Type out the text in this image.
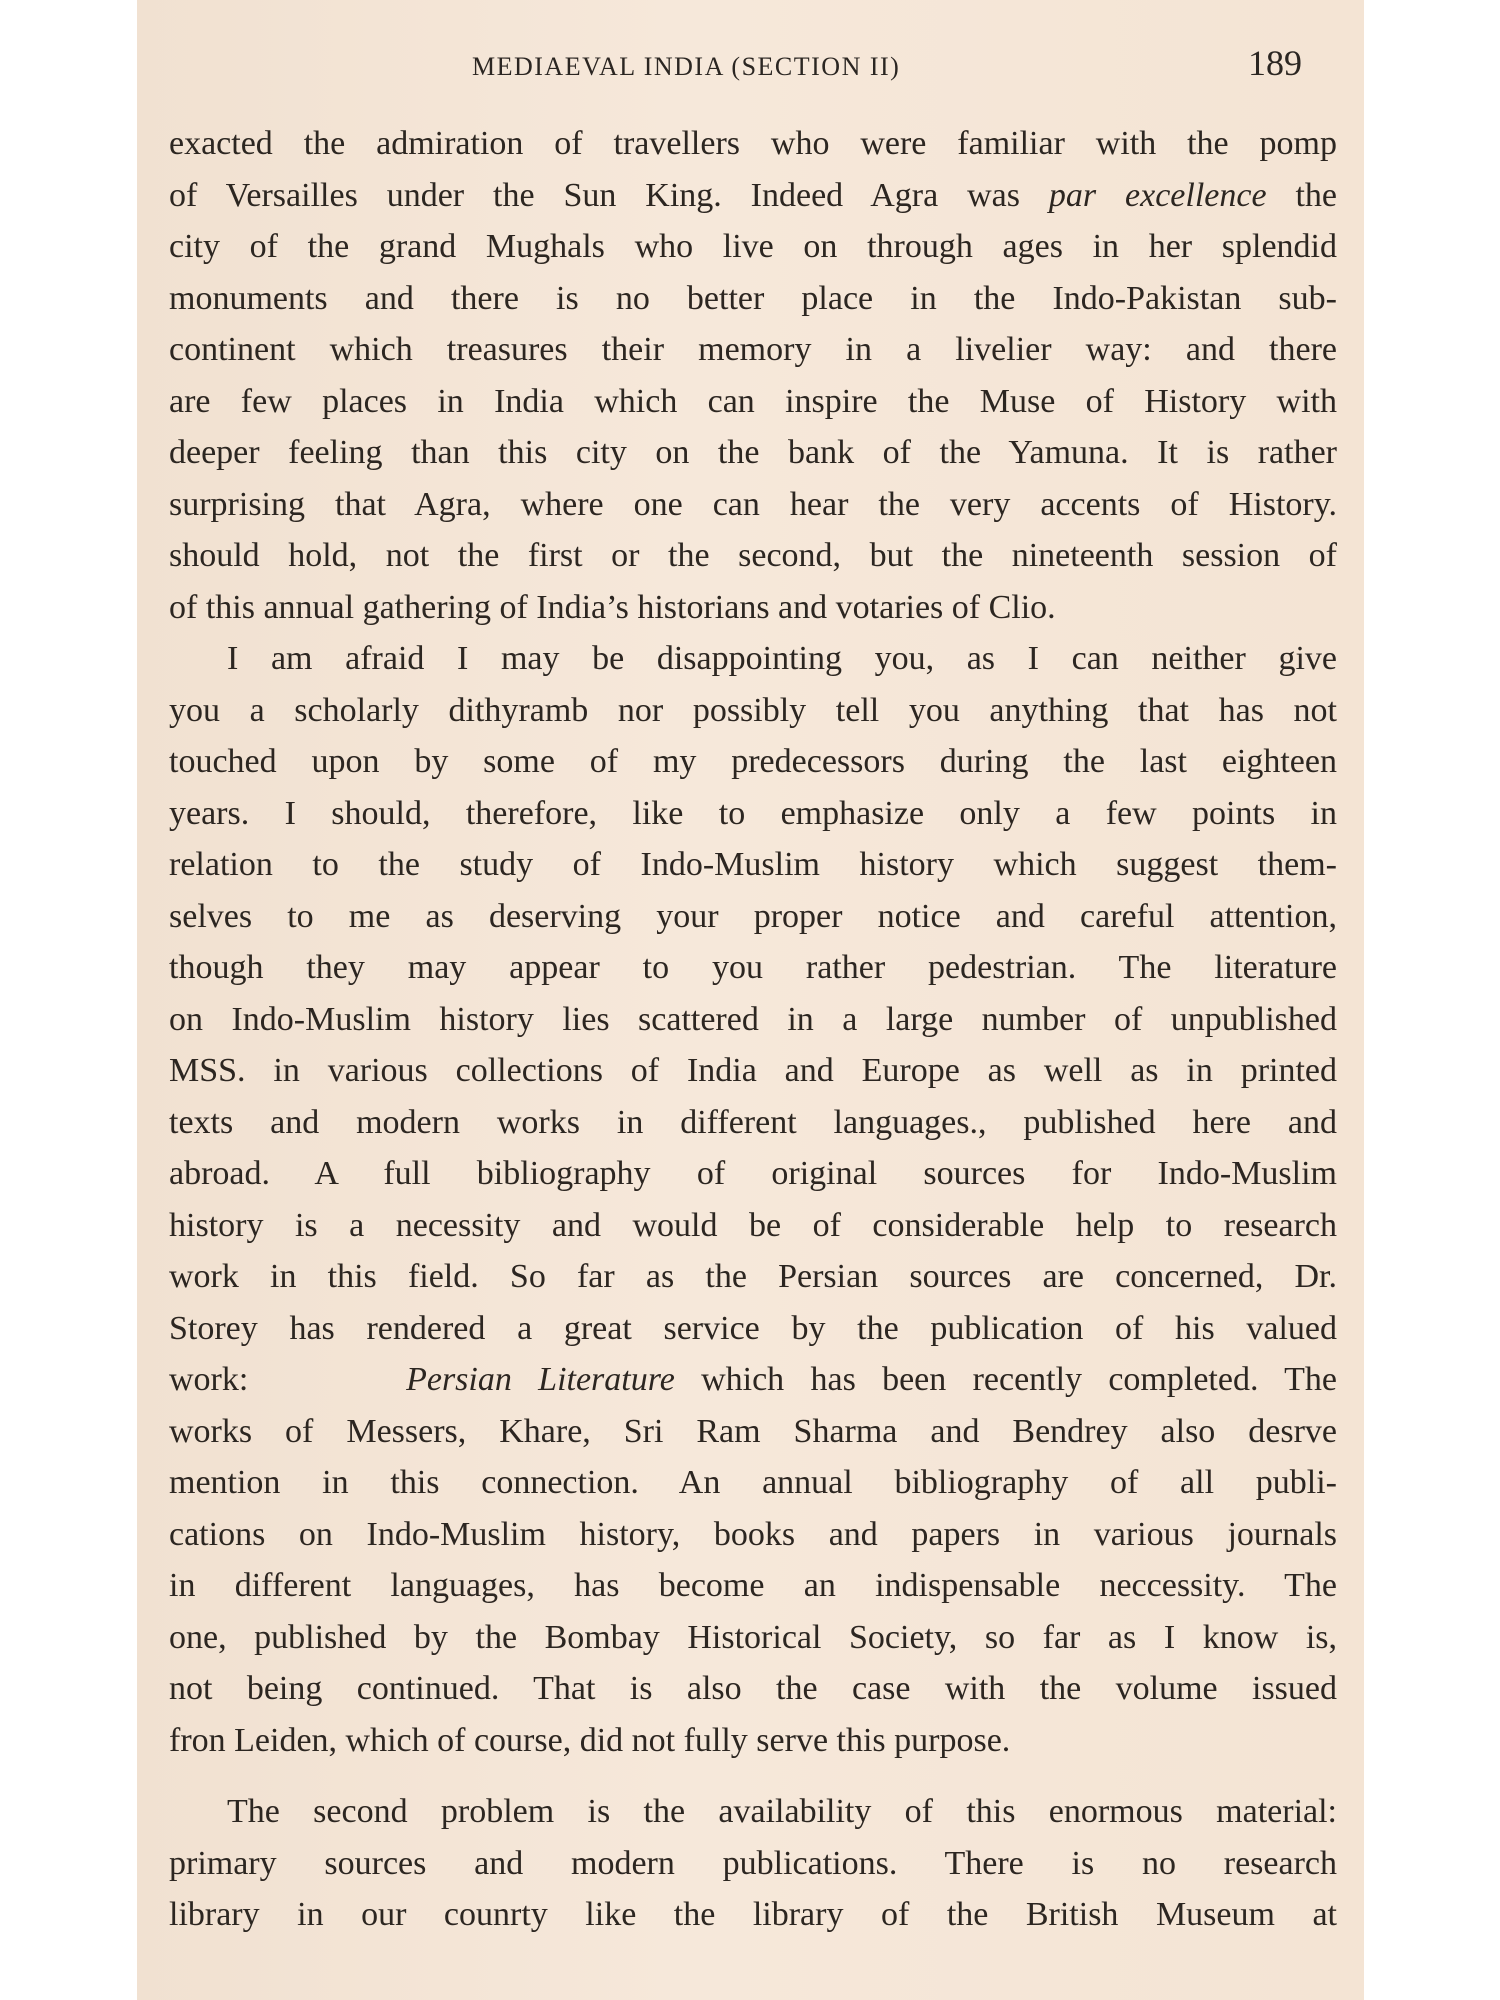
MEDIAEVAL INDIA (SECTION II)	189
exacted the admiration of travellers who were familiar with the pomp
of Versailles under the Sun King. Indeed Agra was par excellence the
city of the grand Mughals who live on through ages in her splendid
monuments and there is no better place in the Indo-Pakistan sub-
continent which treasures their memory in a livelier way: and there
are few places in India which can inspire the Muse of History with
deeper feeling than this city on the bank of the Yamuna. It is rather
surprising that Agra, where one can hear the very accents of History.
should hold, not the first or the second, but the nineteenth session of
of this annual gathering of India’s historians and votaries of Clio.
I am afraid I may be disappointing you, as I can neither give
you a scholarly dithyramb nor possibly tell you anything that has not
touched upon by some of my predecessors during the last eighteen
years. I should, therefore, like to emphasize only a few points in
relation to the study of Indo-Muslim history which suggest them-
selves to me as deserving your proper notice and careful attention,
though they may appear to you rather pedestrian. The literature
on Indo-Muslim history lies scattered in a large number of unpublished
MSS. in various collections of India and Europe as well as in printed
texts and modern works in different languages., published here and
abroad. A full bibliography of original sources for Indo-Muslim
history is a necessity and would be of considerable help to research
work in this field. So far as the Persian sources are concerned, Dr.
Storey has rendered a great service by the publication of his valued
work:      Persian Literature which has been recently completed. The
works of Messers, Khare, Sri Ram Sharma and Bendrey also desrve
mention in this connection. An annual bibliography of all publi-
cations on Indo-Muslim history, books and papers in various journals
in different languages, has become an indispensable neccessity. The
one, published by the Bombay Historical Society, so far as I know is,
not being continued. That is also the case with the volume issued
fron Leiden, which of course, did not fully serve this purpose.
The second problem is the availability of this enormous material:
primary sources and modern publications. There is no research
library in our counrty like the library of the British Museum at
